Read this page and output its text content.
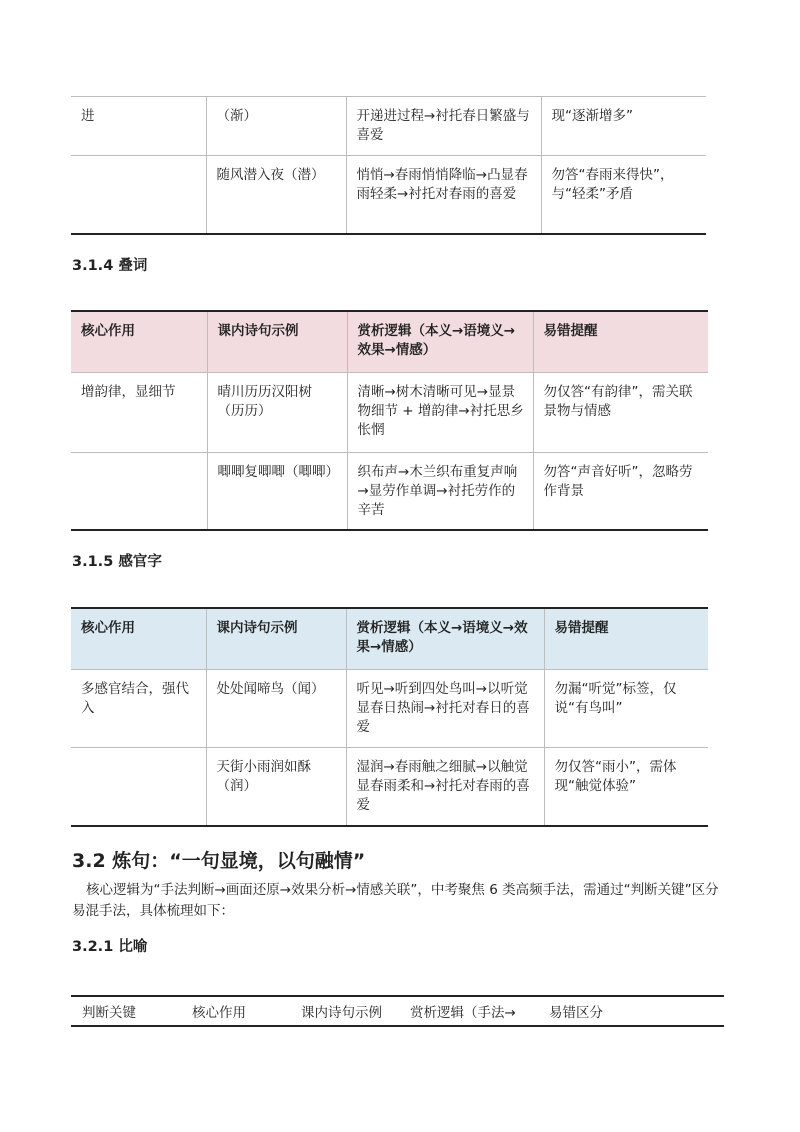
进	（渐）	开递进过程→衬托春日繁盛与喜爱	现“逐渐增多”
	随风潜入夜（潜）	悄悄→春雨悄悄降临→凸显春雨轻柔→衬托对春雨的喜爱	勿答“春雨来得快”，与“轻柔”矛盾
3.1.4 叠词
核心作用	课内诗句示例	赏析逻辑（本义→语境义→效果→情感）	易错提醒
增韵律，显细节	晴川历历汉阳树（历历）	清晰→树木清晰可见→显景物细节 + 增韵律→衬托思乡怅惘	勿仅答“有韵律”，需关联景物与情感
	唧唧复唧唧（唧唧）	织布声→木兰织布重复声响→显劳作单调→衬托劳作的辛苦	勿答“声音好听”，忽略劳作背景
3.1.5 感官字
核心作用	课内诗句示例	赏析逻辑（本义→语境义→效果→情感）	易错提醒
多感官结合，强代入	处处闻啼鸟（闻）	听见→听到四处鸟叫→以听觉显春日热闹→衬托对春日的喜爱	勿漏“听觉”标签，仅说“有鸟叫”
	天街小雨润如酥（润）	湿润→春雨触之细腻→以触觉显春雨柔和→衬托对春雨的喜爱	勿仅答“雨小”，需体现“触觉体验”
3.2 炼句：“一句显境，以句融情”
核心逻辑为“手法判断→画面还原→效果分析→情感关联”，中考聚焦 6 类高频手法，需通过“判断关键”区分易混手法，具体梳理如下：
3.2.1 比喻
判断关键	核心作用	课内诗句示例	赏析逻辑（手法→	易错区分
